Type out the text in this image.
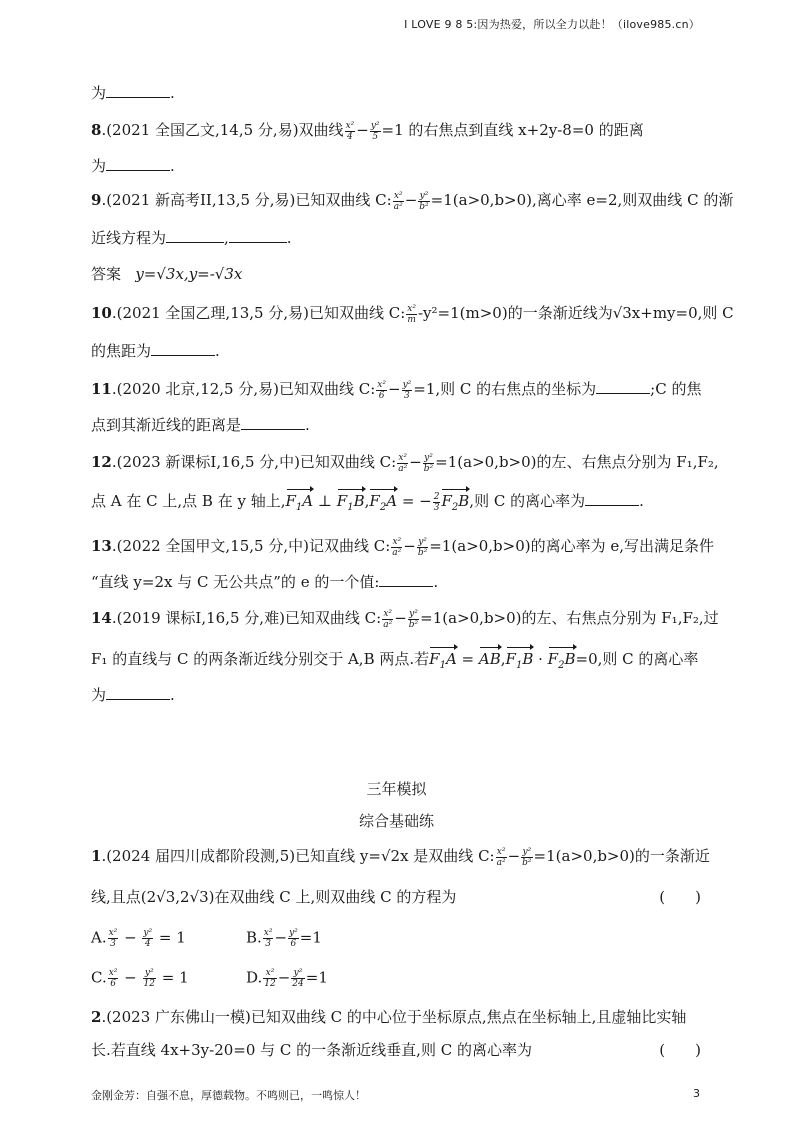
I LOVE 9 8 5:因为热爱，所以全力以赴！（ilove985.cn）
为	.
8.(2021 全国乙文,14,5 分,易)双曲线 $\frac{\text{x²}}{4} - \frac{\text{y²}}{5} =1$ 的右焦点到直线 x+2y-8=0 的距离
为	.
9.(2021 新高考II,13,5 分,易)已知双曲线 C: $\frac{\text{x²}}{\text{a²}} - \frac{\text{y²}}{\text{b²}} =1(a>0,b>0)$,离心率 e=2,则双曲线 C 的渐
近线方程为	,	.
答案 y=√3x,y=-√3x
10.(2021 全国乙理,13,5 分,易)已知双曲线 C: $\frac{\text{x²}}{m} -y^2=1(m>0)$的一条渐近线为√3x+my=0,则 C
的焦距为	.
11.(2020 北京,12,5 分,易)已知双曲线 C: $\frac{\text{x²}}{6} - \frac{\text{y²}}{3} =1$,则 C 的右焦点的坐标为	;C 的焦
点到其渐近线的距离是	.
12.(2023 新课标I,16,5 分,中)已知双曲线 C: $\frac{\text{x²}}{\text{a²}} - \frac{\text{y²}}{\text{b²}} =1(a>0,b>0)$的左、右焦点分别为 F₁,F₂,
点 A 在 C 上,点 B 在 y 轴上$,F_1A$ ⊥ $F_1B,F_2A$ = − $\frac{2}{3} F_2B$,则 C 的离心率为	.
13.(2022 全国甲文,15,5 分,中)记双曲线 C: $\frac{\text{x²}}{\text{a²}} - \frac{\text{y²}}{\text{b²}} =1(a>0,b>0)$的离心率为 e,写出满足条件
“直线 y=2x 与 C 无公共点”的 e 的一个值:	.
14.(2019 课标I,16,5 分,难)已知双曲线 C: $\frac{\text{x²}}{\text{a²}} - \frac{\text{y²}}{\text{b²}} =1(a>0,b>0)$的左、右焦点分别为 F₁,F₂,过
F₁ 的直线与 C 的两条渐近线分别交于 A,B 两点.若$F_1A = AB,F_1B \cdot F_2B=0$,则 C 的离心率
为	.
三年模拟
综合基础练
1.(2024 届四川成都阶段测,5)已知直线 y=√2x 是双曲线 C: $\frac{\text{x²}}{\text{a²}} - \frac{\text{y²}}{\text{b²}} =1(a>0,b>0)$的一条渐近
线,且点(2√3,2√3)在双曲线 C 上,则双曲线 C 的方程为	(　　)
A. $\frac{\text{x²}}{3} - \frac{\text{y²}}{4} = 1$	B. $\frac{\text{x²}}{3} - \frac{\text{y²}}{6} =1$
C. $\frac{\text{x²}}{6} - \frac{\text{y²}}{12} = 1$	D. $\frac{\text{x²}}{12} - \frac{\text{y²}}{24} =1$
2.(2023 广东佛山一模)已知双曲线 C 的中心位于坐标原点,焦点在坐标轴上,且虚轴比实轴
长.若直线 4x+3y-20=0 与 C 的一条渐近线垂直,则 C 的离心率为	(　　)
金刚金芳：自强不息，厚德载物。不鸣则已，一鸣惊人！	3
